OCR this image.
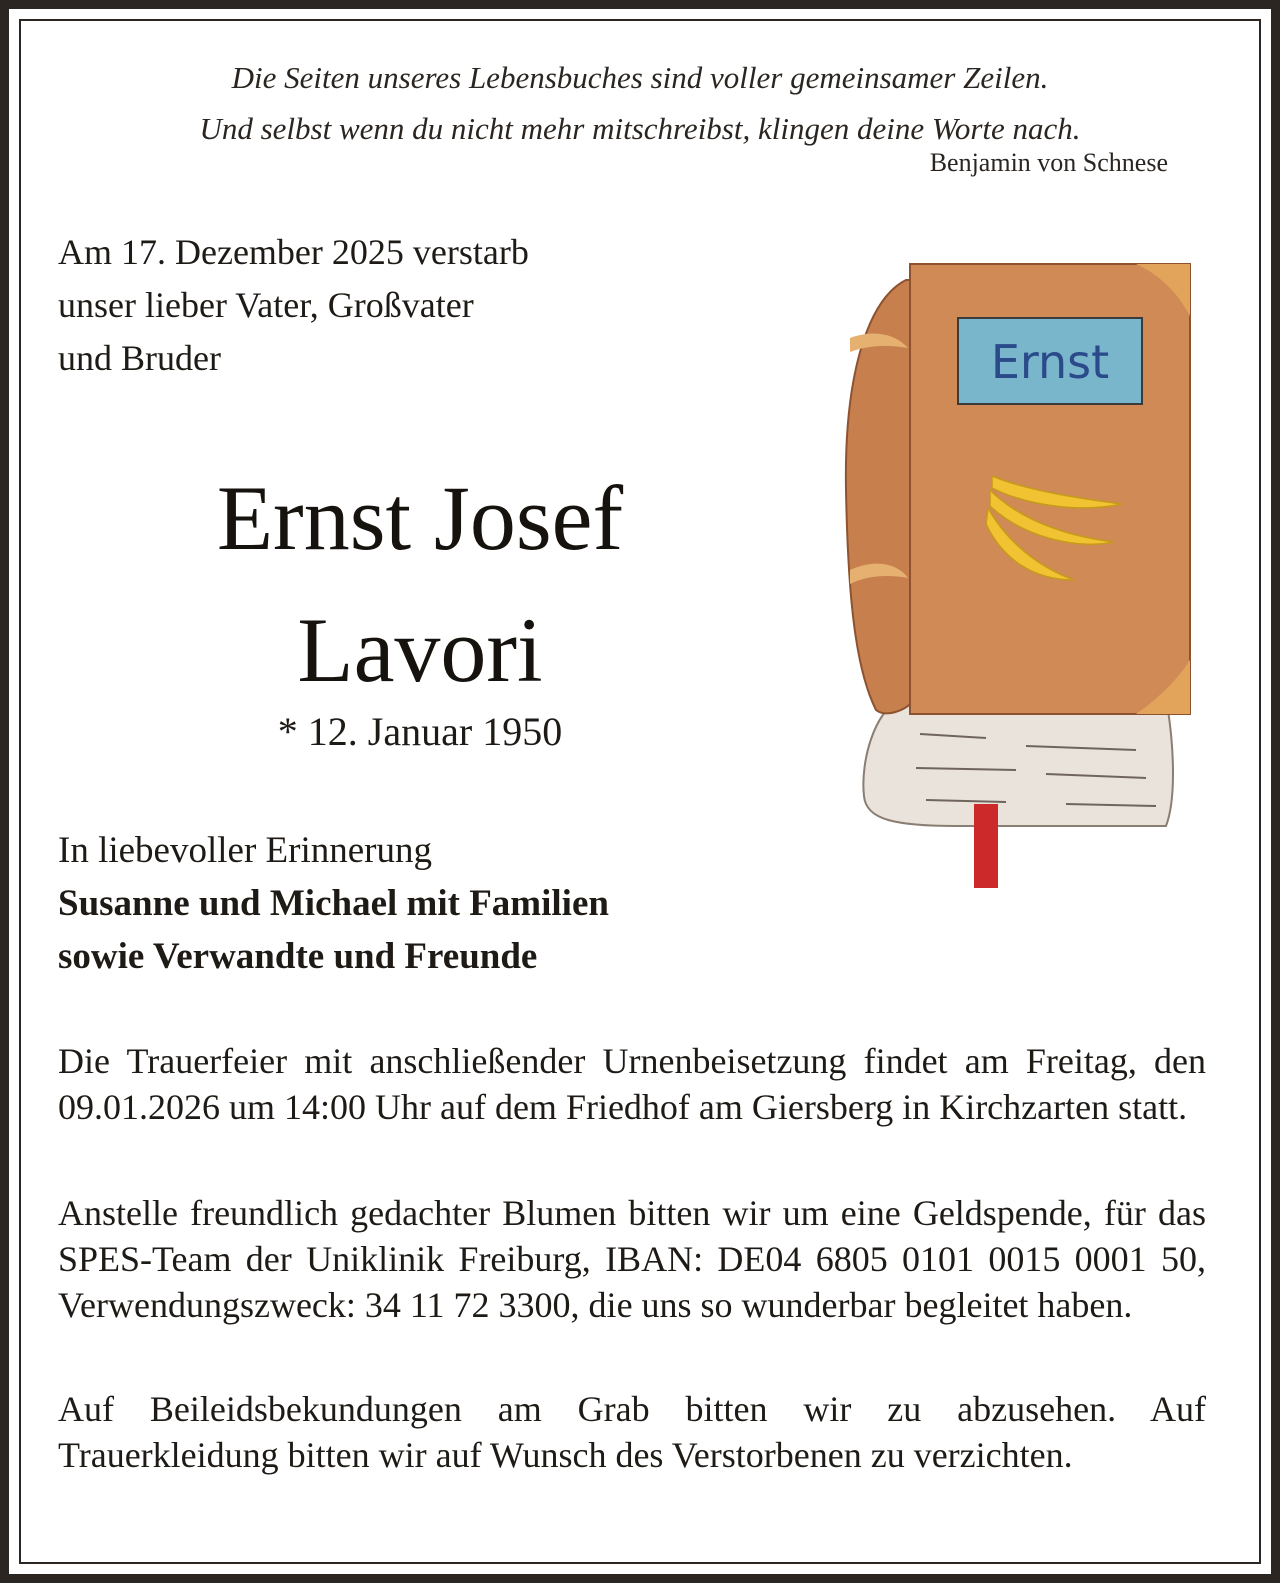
Die Seiten unseres Lebensbuches sind voller gemeinsamer Zeilen.
Und selbst wenn du nicht mehr mitschreibst, klingen deine Worte nach.
Benjamin von Schnese
Am 17. Dezember 2025 verstarb
unser lieber Vater, Großvater
und Bruder
Ernst Josef
Lavori
* 12. Januar 1950
Ernst
In liebevoller Erinnerung
Susanne und Michael mit Familien
sowie Verwandte und Freunde
Die Trauerfeier mit anschließender Urnenbeisetzung findet am Freitag, den 09.01.2026 um 14:00 Uhr auf dem Friedhof am Giersberg in Kirchzarten statt.
Anstelle freundlich gedachter Blumen bitten wir um eine Geldspende, für das SPES-Team der Uniklinik Freiburg, IBAN: DE04 6805 0101 0015 0001 50, Verwendungszweck: 34 11 72 3300, die uns so wunderbar begleitet haben.
Auf Beileidsbekundungen am Grab bitten wir zu abzusehen. Auf Trauerkleidung bitten wir auf Wunsch des Verstorbenen zu verzichten.
